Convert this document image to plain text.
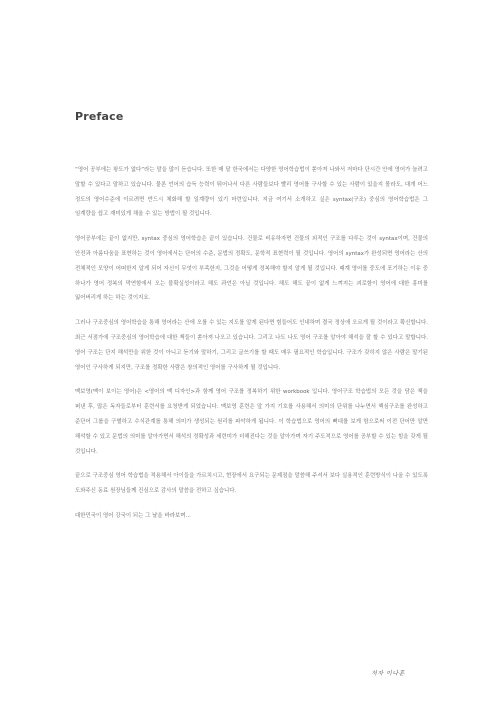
Preface

“영어 공부에는 왕도가 없다”라는 말을 많이 듣습니다. 또한 매 달 한국에서는 다양한 영어학습법이 쏟아져 나와서 저마다 단시간 안에 영어가 늘려고 말할 수 있다고 말하고 있습니다. 물론 언어의 습득 능력이 뛰어나서 다른 사람들보다 빨리 영어를 구사할 수 있는 사람이 있을지 몰라도, 대개 어느 정도의 영어수준에 이르려면 반드시 체화해 할 일계량이 있기 마련입니다. 지금 여기서 소개하고 싶은 syntax(구조) 중심의 영어학습법은 그 임계량을 쉽고 재미있게 채울 수 있는 방법이 될 것입니다.

영어공부에는 끝이 없지만, syntax 중심의 영어학습은 끝이 있습니다. 건물로 비유하자면 건물의 외적인 구조를 다루는 것이 syntax이며, 건물의 안전과 아름다움을 표현하는 것이 영어에서는 단어의 수준, 문법의 정확도, 문학적 표현력이 될 것입니다. 영어의 syntax가 완성되면 영어라는 산의 전체적인 모양이 어떠한지 알게 되어 자신이 무엇이 부족한지, 그것을 어떻게 정복해야 할지 알게 될 것입니다. 때계 영어를 중도에 포기하는 이유 중 하나가 영어 정복의 막연함에서 오는 불확실성이라고 해도 과언은 아닐 것입니다. 해도 해도 끝이 없게 느껴지는 괴로함이 영어에 대한 흥미를 잃어버리게 하는 하는 것이지요.

그러나 구조중심의 영어학습을 통해 영어라는 산에 오를 수 있는 지도를 알게 된다면 힘들어도 인내하며 결국 정상에 오르게 될 것이라고 확신합니다. 최근 서점가에 구조중심의 영어학습에 대한 책들이 쏟아져 나오고 있습니다. 그리고 나도 나도 영어 구조를 알아야 해석을 잘 할 수 있다고 말합니다. 영어 구조는 단지 해석만을 위한 것이 아니고 듣기와 말하기, 그리고 글쓰기를 할 때도 매우 필요적인 학습입니다. 구조가 갖히지 않은 사람은 말기된 영어인 구사하게 되지만, 구조를 정확한 사람은 창의적인 영어를 구사하게 될 것입니다.

맥보영(맥이 보이는 영어)은 <영어의 맥 디자인>과 함께 영어 구조를 정복하기 위한 workbook 입니다. 영어구조 학습법의 모든 것을 담은 책을 퍼낸 후, 많은 독자들로부터 훈련서를 요청받게 되었습니다. 맥보영 훈련은 앞 가지 기호를 사용해서 의미의 단위를 나누면서 핵심구조를 완성하고 준단어 그룹을 구별하고 수식관계를 통해 의미가 생성되는 원리를 파악하게 됩니다. 이 학습법으로 영어의 뼈대를 보게 함으로써 이전 단어만 알면 해석할 수 있고 문법의 의미를 알아가면서 해석의 정확성과 세련미가 더해진다는 것을 알아가며 자기 주도적으로 영어를 공부할 수 있는 힘을 갖게 될 것입니다.

끝으로 구조중심 영어 학습법을 적용해서 아이들을 가르치시고, 현장에서 요구되는 문제점을 말씀해 주셔서 보다 실용적인 훈련방식이 나올 수 있도록 도와주신 동료 원장님들께 진심으로 감사의 말씀을 전하고 싶습니다.

대한민국이 영어 강국이 되는 그 날을 바라보며…

저자 이나훈
